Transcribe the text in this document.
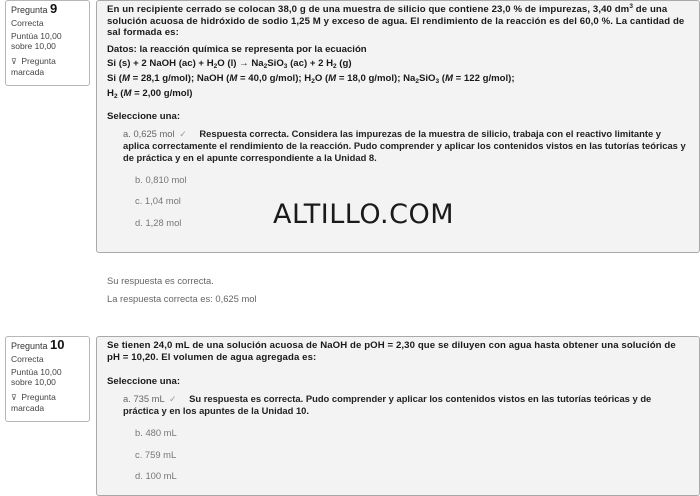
Pregunta 9
Correcta
Puntúa 10,00
sobre 10,00
⊽ Pregunta
marcada

En un recipiente cerrado se colocan 38,0 g de una muestra de silicio que contiene 23,0 % de impurezas, 3,40 $dm^3$ de una solución acuosa de hidróxido de sodio 1,25 M y exceso de agua. El rendimiento de la reacción es del 60,0 %. La cantidad de sal formada es:

Datos: la reacción química se representa por la ecuación

Si (s) + 2 NaOH $(ac) + H_2O$ $(l) \to Na_2SiO_3$ (ac) + 2 $H_2$ (g)

Si (M = 28,1 g/mol); NaOH (M = 40,0 g/mol); $H_2O$ (M = 18,0 g/mol); $Na_2SiO_3$ (M = 122 g/mol);

$H_2$ (M = 2,00 g/mol)

Seleccione una:
a. 0,625 mol ✓ Respuesta correcta. Considera las impurezas de la muestra de silicio, trabaja con el reactivo limitante y aplica correctamente el rendimiento de la reacción. Pudo comprender y aplicar los contenidos vistos en las tutorías teóricas y de práctica y en el apunte correspondiente a la Unidad 8.
b. 0,810 mol
c. 1,04 mol
d. 1,28 mol	ALTILLO.COM

Su respuesta es correcta.

La respuesta correcta es: 0,625 mol

Pregunta 10
Correcta
Puntúa 10,00
sobre 10,00
⊽ Pregunta
marcada

Se tienen 24,0 mL de una solución acuosa de NaOH de pOH = 2,30 que se diluyen con agua hasta obtener una solución de pH = 10,20. El volumen de agua agregada es:

Seleccione una:
a. 735 mL ✓ Su respuesta es correcta. Pudo comprender y aplicar los contenidos vistos en las tutorías teóricas y de práctica y en los apuntes de la Unidad 10.
b. 480 mL
c. 759 mL
d. 100 mL
